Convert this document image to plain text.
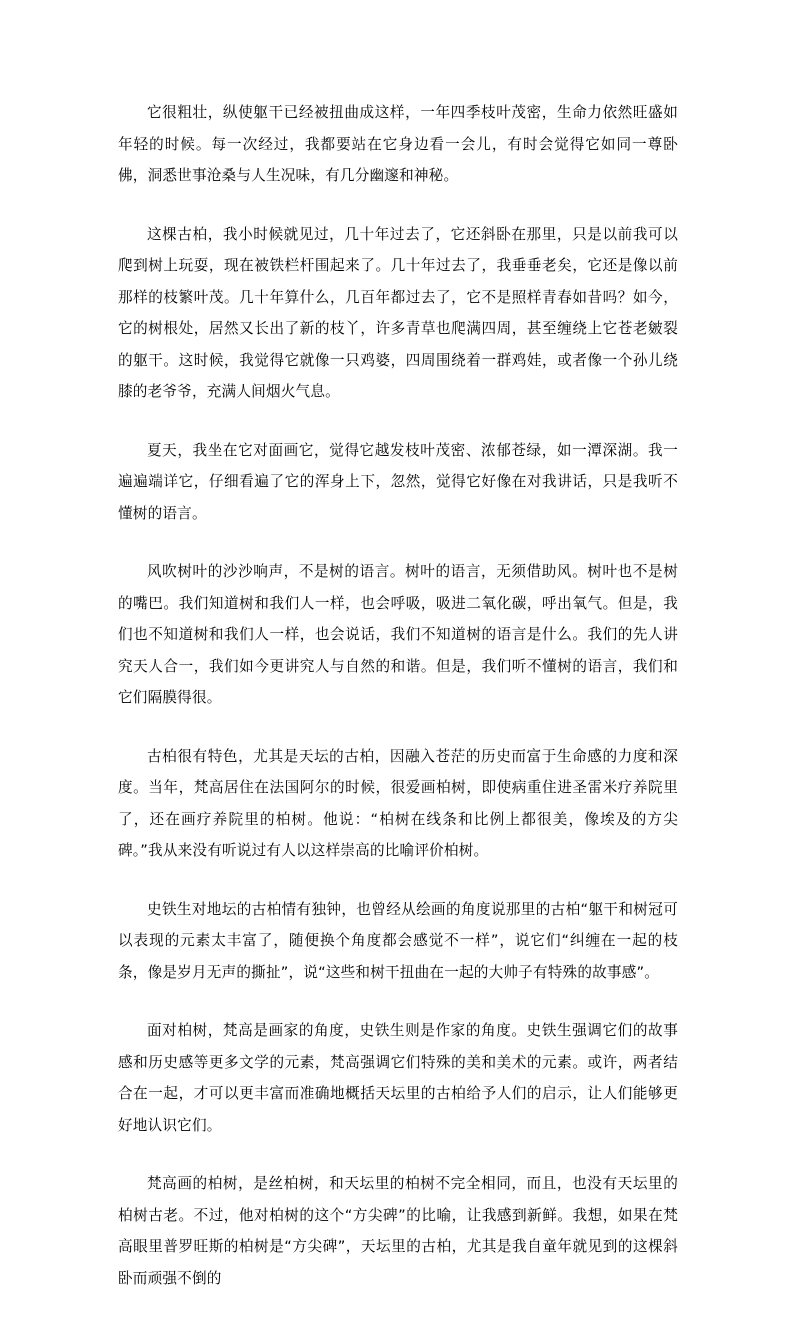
它很粗壮，纵使躯干已经被扭曲成这样，一年四季枝叶茂密，生命力依然旺盛如年轻的时候。每一次经过，我都要站在它身边看一会儿，有时会觉得它如同一尊卧佛，洞悉世事沧桑与人生况味，有几分幽邃和神秘。

这棵古柏，我小时候就见过，几十年过去了，它还斜卧在那里，只是以前我可以爬到树上玩耍，现在被铁栏杆围起来了。几十年过去了，我垂垂老矣，它还是像以前那样的枝繁叶茂。几十年算什么，几百年都过去了，它不是照样青春如昔吗？如今，它的树根处，居然又长出了新的枝丫，许多青草也爬满四周，甚至缠绕上它苍老皴裂的躯干。这时候，我觉得它就像一只鸡婆，四周围绕着一群鸡娃，或者像一个孙儿绕膝的老爷爷，充满人间烟火气息。

夏天，我坐在它对面画它，觉得它越发枝叶茂密、浓郁苍绿，如一潭深湖。我一遍遍端详它，仔细看遍了它的浑身上下，忽然，觉得它好像在对我讲话，只是我听不懂树的语言。

风吹树叶的沙沙响声，不是树的语言。树叶的语言，无须借助风。树叶也不是树的嘴巴。我们知道树和我们人一样，也会呼吸，吸进二氧化碳，呼出氧气。但是，我们也不知道树和我们人一样，也会说话，我们不知道树的语言是什么。我们的先人讲究天人合一，我们如今更讲究人与自然的和谐。但是，我们听不懂树的语言，我们和它们隔膜得很。

古柏很有特色，尤其是天坛的古柏，因融入苍茫的历史而富于生命感的力度和深度。当年，梵高居住在法国阿尔的时候，很爱画柏树，即使病重住进圣雷米疗养院里了，还在画疗养院里的柏树。他说：“柏树在线条和比例上都很美，像埃及的方尖碑。”我从来没有听说过有人以这样崇高的比喻评价柏树。

史铁生对地坛的古柏情有独钟，也曾经从绘画的角度说那里的古柏“躯干和树冠可以表现的元素太丰富了，随便换个角度都会感觉不一样”，说它们“纠缠在一起的枝条，像是岁月无声的撕扯”，说“这些和树干扭曲在一起的大帅子有特殊的故事感”。

面对柏树，梵高是画家的角度，史铁生则是作家的角度。史铁生强调它们的故事感和历史感等更多文学的元素，梵高强调它们特殊的美和美术的元素。或许，两者结合在一起，才可以更丰富而准确地概括天坛里的古柏给予人们的启示，让人们能够更好地认识它们。

梵高画的柏树，是丝柏树，和天坛里的柏树不完全相同，而且，也没有天坛里的柏树古老。不过，他对柏树的这个“方尖碑”的比喻，让我感到新鲜。我想，如果在梵高眼里普罗旺斯的柏树是“方尖碑”，天坛里的古柏，尤其是我自童年就见到的这棵斜卧而顽强不倒的
